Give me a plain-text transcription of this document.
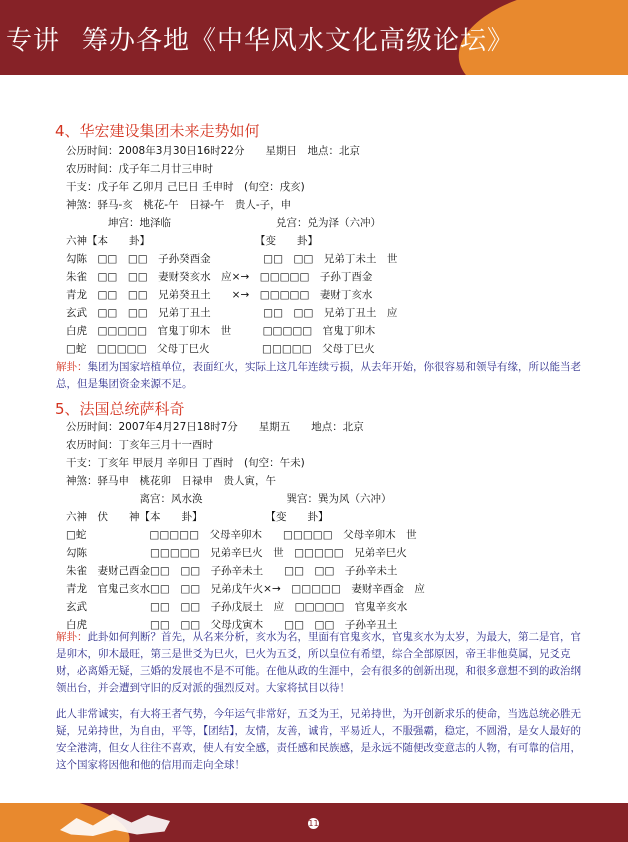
专讲 筹办各地《中华风水文化高级论坛》
4、华宏建设集团未来走势如何
公历时间：2008年3月30日16时22分　　星期日　地点：北京
农历时间：戊子年二月廿三申时
干支：戊子年 乙卯月 己巳日 壬申时　(旬空：戌亥)
神煞：驿马-亥　桃花-午　日禄-午　贵人-子，申
　　　　坤宫：地泽临　　　　　　　　　　兑宫：兑为泽（六冲）
六神【本　　卦】　　　　　　　　　　　【变　　卦】
勾陈　□□　□□　子孙癸酉金　　　　　□□　□□　兄弟丁未土　世
朱雀　□□　□□　妻财癸亥水　应×→　□□□□□　子孙丁酉金
青龙　□□　□□　兄弟癸丑土　　×→　□□□□□　妻财丁亥水
玄武　□□　□□　兄弟丁丑土　　　　　□□　□□　兄弟丁丑土　应
白虎　□□□□□　官鬼丁卯木　世　　　□□□□□　官鬼丁卯木
□蛇　□□□□□　父母丁巳火　　　　　□□□□□　父母丁巳火
解卦：集团为国家培植单位，表面红火，实际上这几年连续亏损，从去年开始，你很容易和领导有缘，所以能当老总，但是集团资金来源不足。
5、法国总统萨科奇
公历时间：2007年4月27日18时7分　　星期五　　地点：北京
农历时间：丁亥年三月十一酉时
干支：丁亥年 甲辰月 辛卯日 丁酉时　(旬空：午未)
神煞：驿马申　桃花卯　日禄申　贵人寅，午
　　　　　　　离宫：风水涣　　　　　　　　巽宫：巽为风（六冲）
六神　伏　　神【本　　卦】　　　　　　　【变　　卦】
□蛇　　　　　　□□□□□　父母辛卯木　　□□□□□　父母辛卯木　世
勾陈　　　　　　□□□□□　兄弟辛巳火　世　□□□□□　兄弟辛巳火
朱雀　妻财己酉金□□　□□　子孙辛未土　　□□　□□　子孙辛未土
青龙　官鬼己亥水□□　□□　兄弟戊午火×→　□□□□□　妻财辛酉金　应
玄武　　　　　　□□　□□　子孙戊辰土　应　□□□□□　官鬼辛亥水
白虎　　　　　　□□　□□　父母戊寅木　　□□　□□　子孙辛丑土
解卦：此卦如何判断？首先，从名来分析，亥水为名，里面有官鬼亥水，官鬼亥水为太岁，为最大，第二是官，官是卯木，卯木最旺，第三是世爻为巳火，巳火为五爻，所以皇位有希望，综合全部原因，帝王非他莫属，兄爻克财，必离婚无疑，三婚的发展也不是不可能。在他从政的生涯中，会有很多的创新出现，和很多意想不到的政治纲领出台，并会遭到守旧的反对派的强烈反对。大家将拭目以待！
此人非常诚实，有大将王者气势，今年运气非常好，五爻为王，兄弟持世，为开创新求乐的使命，当选总统必胜无疑，兄弟持世，为自由，平等，【团结】，友情，友善，诚肯，平易近人，不服强霸，稳定，不圆滑，是女人最好的安全港湾，但女人往往不喜欢，使人有安全感，责任感和民族感，是永远不随便改变意志的人物，有可靠的信用，这个国家将因他和他的信用而走向全球！
11
